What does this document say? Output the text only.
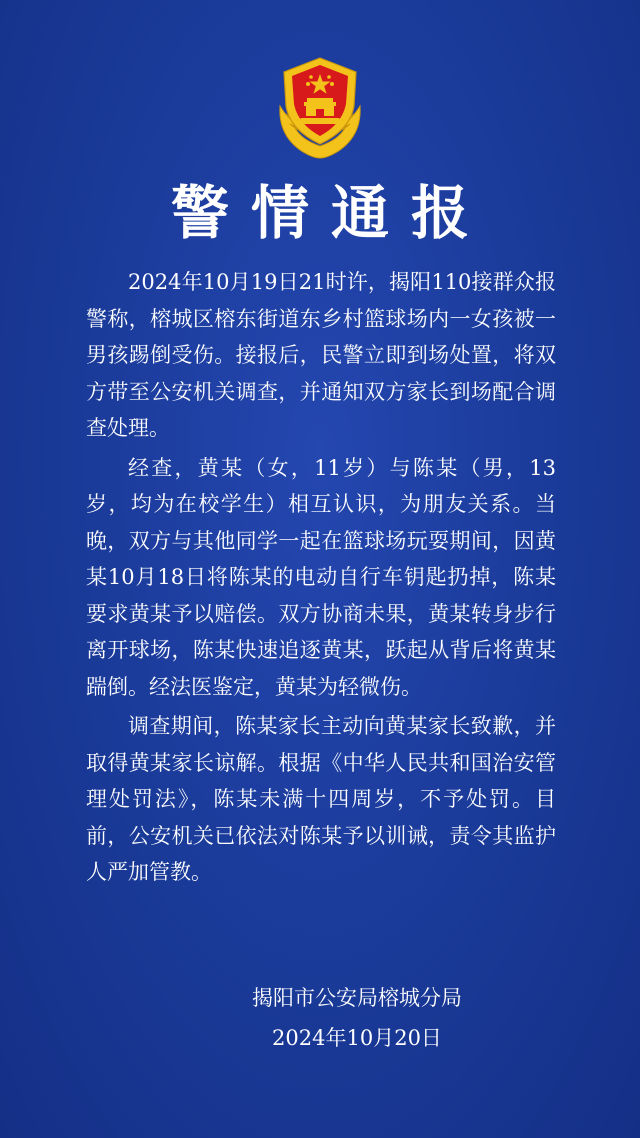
警情通报

2024年10月19日21时许，揭阳110接群众报警称，榕城区榕东街道东乡村篮球场内一女孩被一男孩踢倒受伤。接报后，民警立即到场处置，将双方带至公安机关调查，并通知双方家长到场配合调查处理。

经查，黄某（女，11岁）与陈某（男，13岁，均为在校学生）相互认识，为朋友关系。当晚，双方与其他同学一起在篮球场玩耍期间，因黄某10月18日将陈某的电动自行车钥匙扔掉，陈某要求黄某予以赔偿。双方协商未果，黄某转身步行离开球场，陈某快速追逐黄某，跃起从背后将黄某踹倒。经法医鉴定，黄某为轻微伤。

调查期间，陈某家长主动向黄某家长致歉，并取得黄某家长谅解。根据《中华人民共和国治安管理处罚法》，陈某未满十四周岁，不予处罚。目前，公安机关已依法对陈某予以训诫，责令其监护人严加管教。

揭阳市公安局榕城分局
2024年10月20日
